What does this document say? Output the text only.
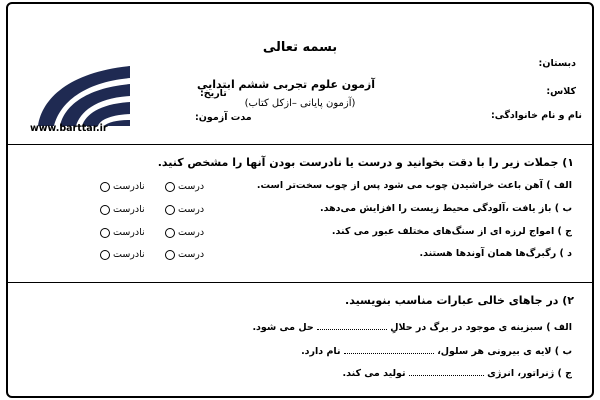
بسمه تعالی
دبستان:
کلاس:
نام و نام خانوادگی:
آزمون علوم تجربی ششم ابتدایی
(آزمون پایانی –ازکل کتاب)
تاریخ:
مدت آزمون:
www.barttar.ir
۱) جملات زیر را با دقت بخوانید و درست یا نادرست بودن آنها را مشخص کنید.
الف ) آهن باعث خراشیدن چوب می شود پس از چوب سخت‌تر است.
ب ) باز یافت ،آلودگی محیط زیست را افزایش می‌دهد.
ج ) امواج لرزه ای از سنگ‌های مختلف عبور می کند.
د ) رگبرگ‌ها همان آوندها هستند.
درست
نادرست
درست
نادرست
درست
نادرست
درست
نادرست
۲) در جاهای خالی عبارات مناسب بنویسید.
الف ) سبزینه ی موجود در برگ در حلالِ  حل می شود.
ب ) لایه ی بیرونی هر سلول،  نام دارد.
ج ) ژنراتور، انرژی  تولید می کند.
